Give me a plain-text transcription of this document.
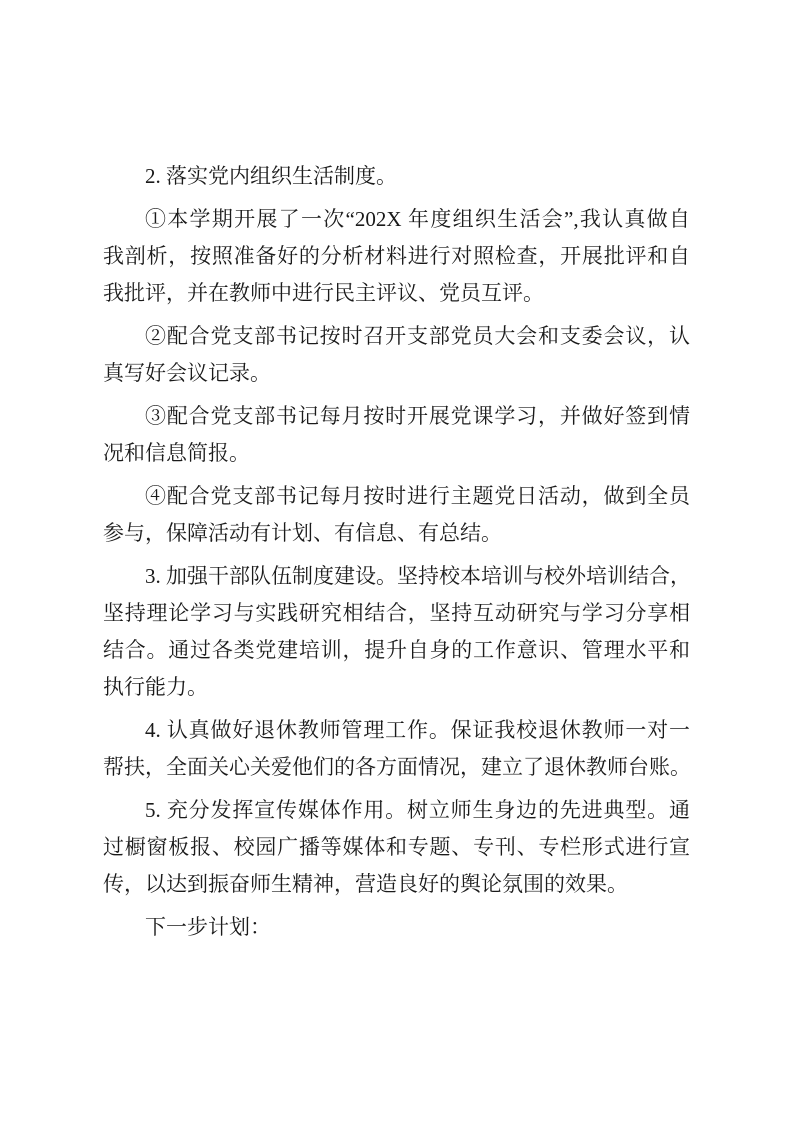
2. 落实党内组织生活制度。
①本学期开展了一次“202X 年度组织生活会”,我认真做自
我剖析，按照准备好的分析材料进行对照检查，开展批评和自
我批评，并在教师中进行民主评议、党员互评。
②配合党支部书记按时召开支部党员大会和支委会议，认
真写好会议记录。
③配合党支部书记每月按时开展党课学习，并做好签到情
况和信息简报。
④配合党支部书记每月按时进行主题党日活动，做到全员
参与，保障活动有计划、有信息、有总结。
3. 加强干部队伍制度建设。坚持校本培训与校外培训结合，
坚持理论学习与实践研究相结合，坚持互动研究与学习分享相
结合。通过各类党建培训，提升自身的工作意识、管理水平和
执行能力。
4. 认真做好退休教师管理工作。保证我校退休教师一对一
帮扶，全面关心关爱他们的各方面情况，建立了退休教师台账。
5. 充分发挥宣传媒体作用。树立师生身边的先进典型。通
过橱窗板报、校园广播等媒体和专题、专刊、专栏形式进行宣
传，以达到振奋师生精神，营造良好的舆论氛围的效果。
下一步计划：
